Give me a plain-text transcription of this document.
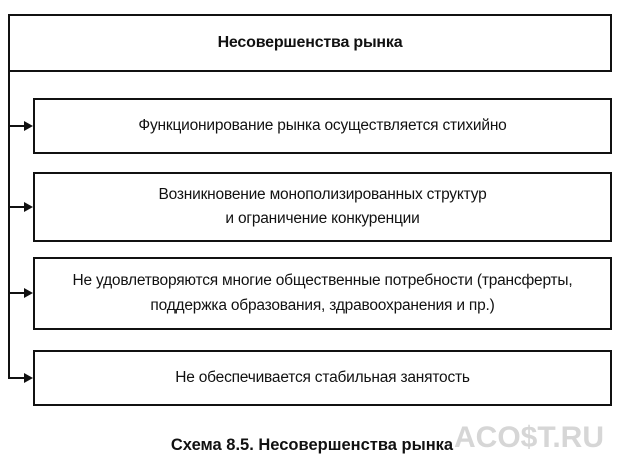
Несовершенства рынка
Функционирование рынка осуществляется стихийно
Возникновение монополизированных структур
и ограничение конкуренции
Не удовлетворяются многие общественные потребности (трансферты,
поддержка образования, здравоохранения и пр.)
Не обеспечивается стабильная занятость
Схема 8.5. Несовершенства рынка ACO$T.RU
